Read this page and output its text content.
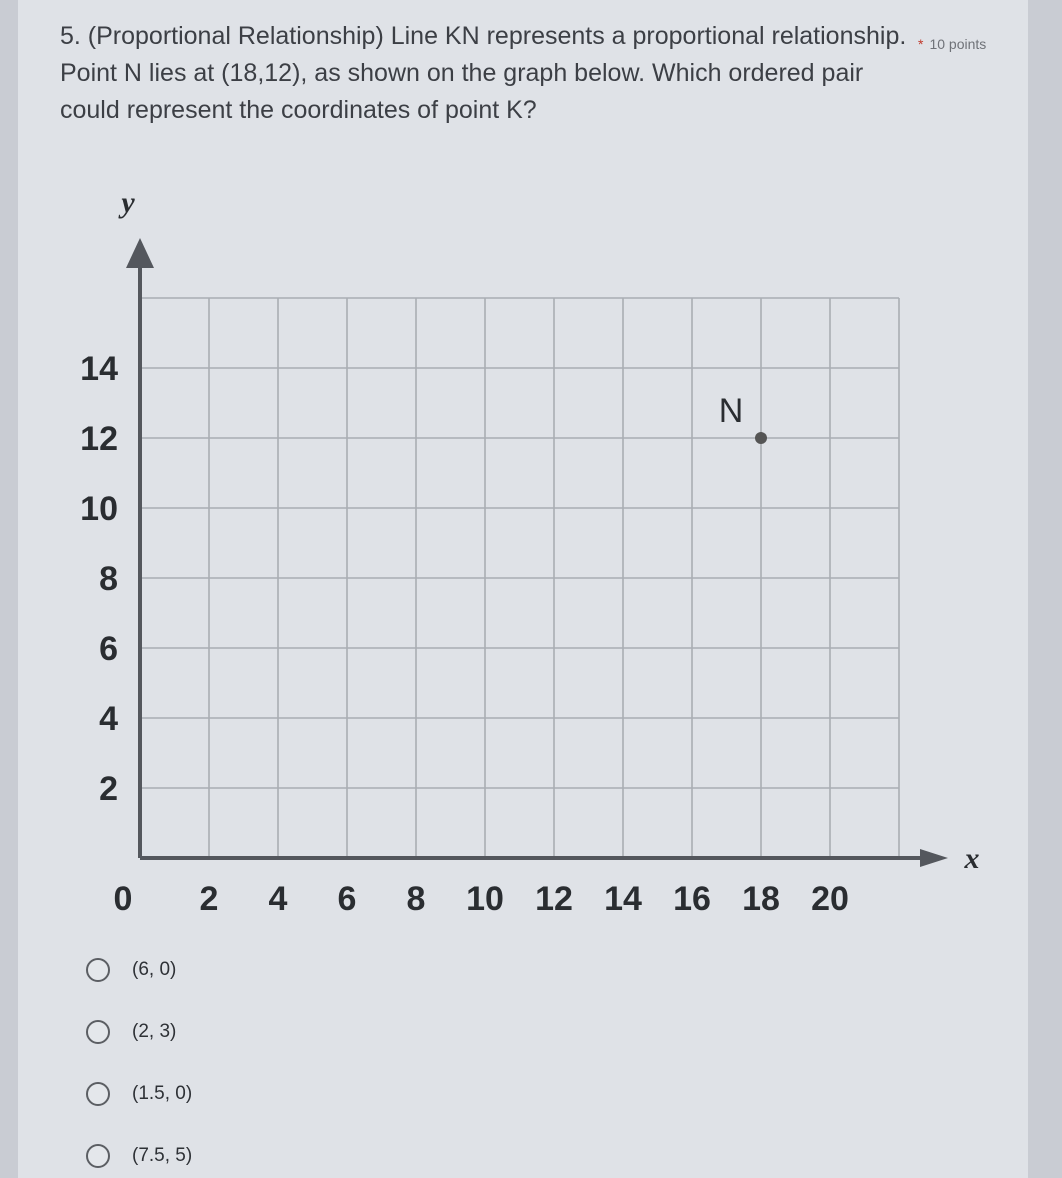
5. (Proportional Relationship) Line KN represents a proportional relationship. Point N lies at (18,12), as shown on the graph below. Which ordered pair could represent the coordinates of point K?
* 10 points
y
x
0 2 4 6 8 10 12 14 16 18 20
2
4
6
8
10
12
14
N
(6, 0)
(2, 3)
(1.5, 0)
(7.5, 5)
